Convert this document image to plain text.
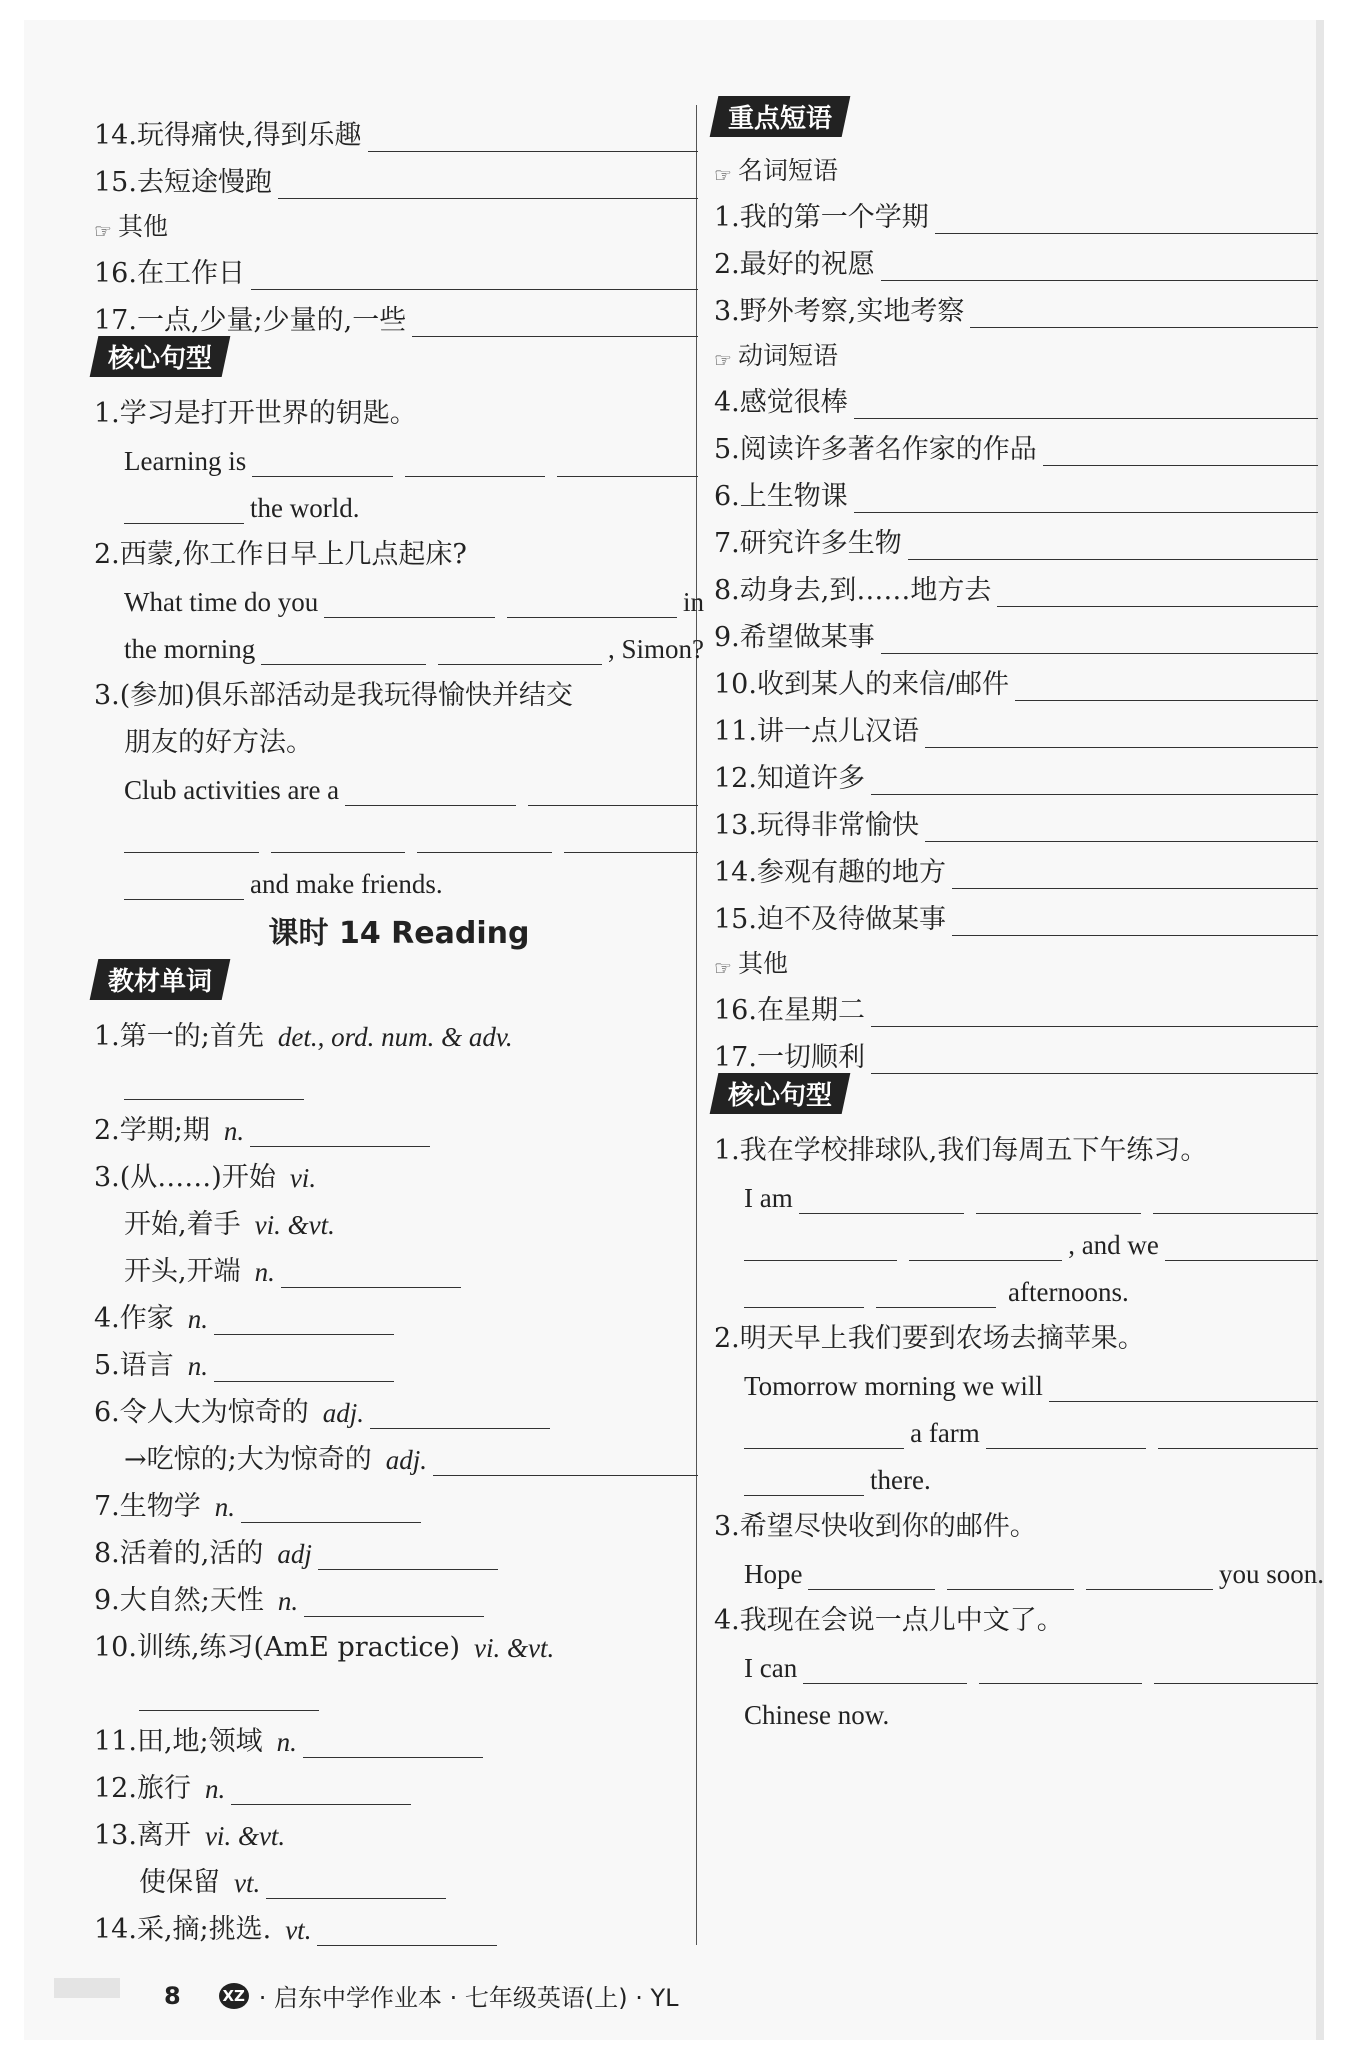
14. 玩得痛快,得到乐趣
15. 去短途慢跑
☞ 其他
16. 在工作日
17. 一点,少量;少量的,一些
核心句型
1.学习是打开世界的钥匙。
Learning is
the world.
2.西蒙,你工作日早上几点起床?
What time do you	in
the morning	, Simon?
3.(参加)俱乐部活动是我玩得愉快并结交
朋友的好方法。
Club activities are a
and make friends.
课时 14 Reading
教材单词
1.第一的;首先 det., ord. num. & adv.
2.学期;期 n.
3.(从……)开始 vi.
开始,着手 vi. &vt.
开头,开端 n.
4.作家 n.
5.语言 n.
6.令人大为惊奇的 adj.
→吃惊的;大为惊奇的 adj.
7.生物学 n.
8.活着的,活的 adj
9.大自然;天性 n.
10.训练,练习(AmE practice) vi. &vt.
11.田,地;领域 n.
12.旅行 n.
13.离开 vi. &vt.
使保留 vt.
14.采,摘;挑选. vt.
重点短语
☞ 名词短语
1. 我的第一个学期
2. 最好的祝愿
3. 野外考察,实地考察
☞ 动词短语
4. 感觉很棒
5. 阅读许多著名作家的作品
6. 上生物课
7. 研究许多生物
8. 动身去,到……地方去
9. 希望做某事
10. 收到某人的来信/邮件
11. 讲一点儿汉语
12. 知道许多
13. 玩得非常愉快
14. 参观有趣的地方
15. 迫不及待做某事
☞ 其他
16. 在星期二
17. 一切顺利
核心句型
1.我在学校排球队,我们每周五下午练习。
I am
, and we
afternoons.
2.明天早上我们要到农场去摘苹果。
Tomorrow morning we will
a farm
there.
3.希望尽快收到你的邮件。
Hope	you soon.
4.我现在会说一点儿中文了。
I can
Chinese now.
8	XZ · 启东中学作业本 · 七年级英语(上) · YL
